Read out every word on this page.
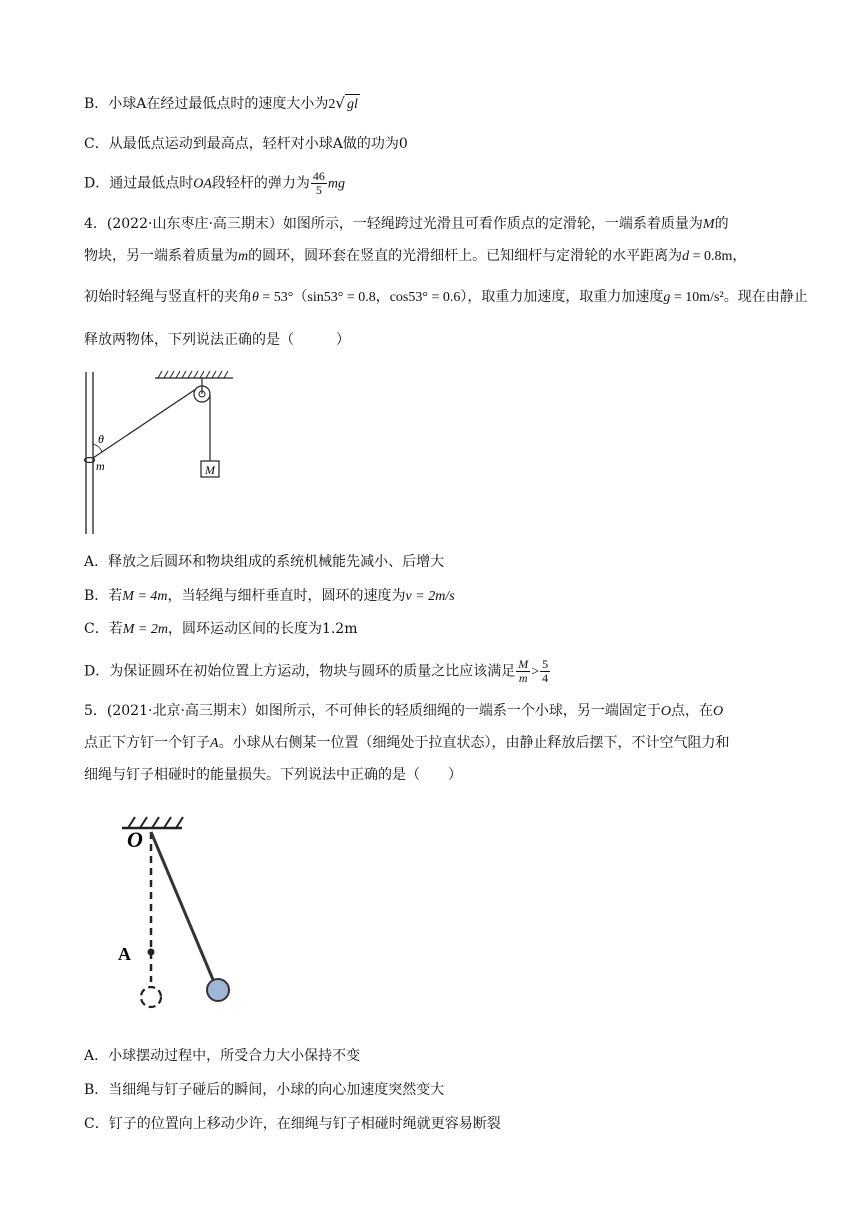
B．小球A在经过最低点时的速度大小为2√ gl
C．从最低点运动到最高点，轻杆对小球A做的功为0
D．通过最低点时OA段轻杆的弹力为 $\frac{46}{5}$ mg
4．(2022·山东枣庄·高三期末）如图所示，一轻绳跨过光滑且可看作质点的定滑轮，一端系着质量为M的
物块，另一端系着质量为m的圆环，圆环套在竖直的光滑细杆上。已知细杆与定滑轮的水平距离为d = 0.8m，
初始时轻绳与竖直杆的夹角θ = 53°（sin53° = 0.8，cos53° = 0.6），取重力加速度，取重力加速度g = 10m/s²。现在由静止
释放两物体，下列说法正确的是（　　　）
M
θ
m
A．释放之后圆环和物块组成的系统机械能先减小、后增大
B．若M = 4m，当轻绳与细杆垂直时，圆环的速度为v = 2m/s
C．若M = 2m，圆环运动区间的长度为1.2m
D．为保证圆环在初始位置上方运动，物块与圆环的质量之比应该满足 $\frac{M}{m} > \frac{5}{4}$
5．(2021·北京·高三期末）如图所示，不可伸长的轻质细绳的一端系一个小球，另一端固定于O点，在O
点正下方钉一个钉子A。小球从右侧某一位置（细绳处于拉直状态），由静止释放后摆下，不计空气阻力和
细绳与钉子相碰时的能量损失。下列说法中正确的是（　　）
O
A
A．小球摆动过程中，所受合力大小保持不变
B．当细绳与钉子碰后的瞬间，小球的向心加速度突然变大
C．钉子的位置向上移动少许，在细绳与钉子相碰时绳就更容易断裂
